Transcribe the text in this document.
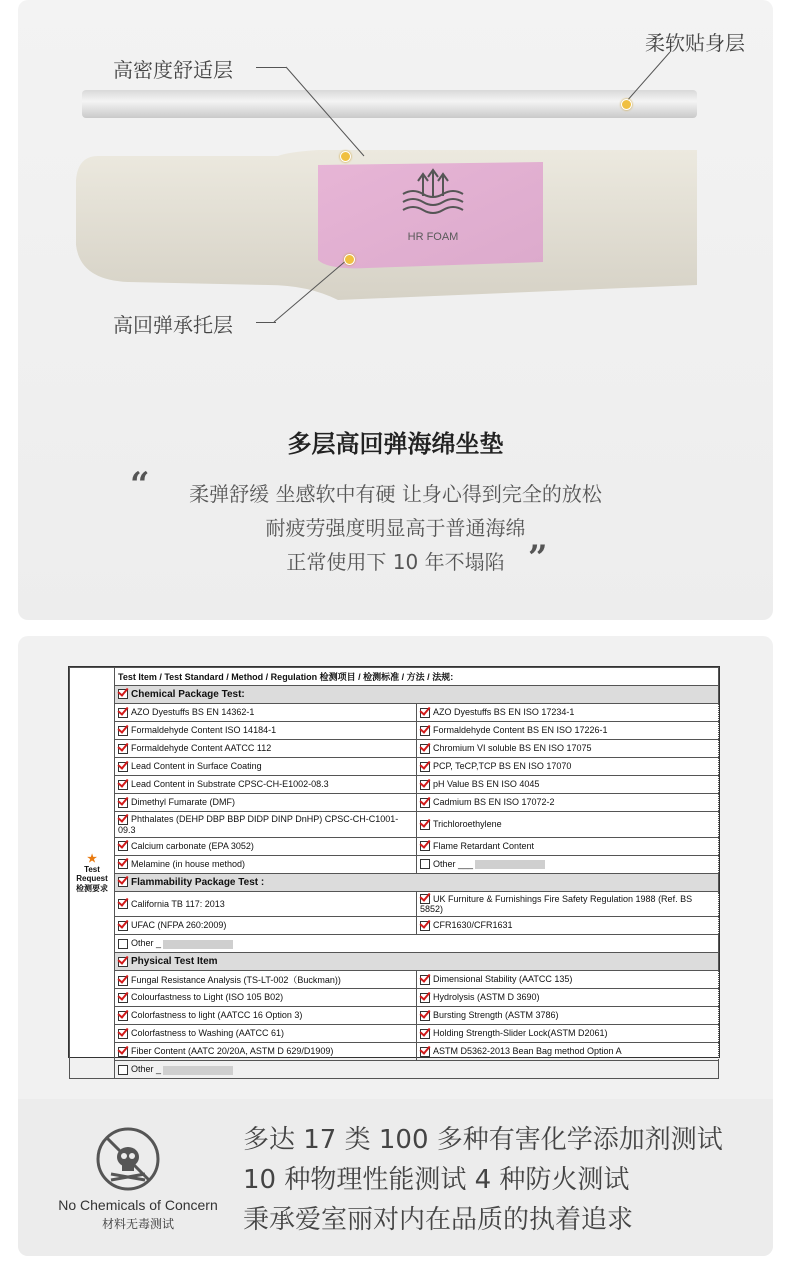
HR FOAM
高密度舒适层
柔软贴身层
高回弹承托层
多层高回弹海绵坐垫
“	柔弹舒缓 坐感软中有硬 让身心得到完全的放松
耐疲劳强度明显高于普通海绵
正常使用下 10 年不塌陷 ”
★
Test Request
检测要求	Test Item / Test Standard / Method / Regulation 检测项目 / 检测标准 / 方法 / 法规:	
	Chemical Package Test:	
	AZO Dyestuffs BS EN 14362-1	AZO Dyestuffs BS EN ISO 17234-1
	Formaldehyde Content ISO 14184-1	Formaldehyde Content BS EN ISO 17226-1
	Formaldehyde Content AATCC 112	Chromium VI soluble BS EN ISO 17075
	Lead Content in Surface Coating	PCP, TeCP,TCP BS EN ISO 17070
	Lead Content in Substrate CPSC-CH-E1002-08.3	pH Value BS EN ISO 4045
	Dimethyl Fumarate (DMF)	Cadmium BS EN ISO 17072-2
	Phthalates (DEHP DBP BBP DIDP DINP DnHP) CPSC-CH-C1001-09.3	Trichloroethylene
	Calcium carbonate (EPA 3052)	Flame Retardant Content
	Melamine (in house method)	Other ___
	Flammability Package Test :	
	California TB 117: 2013	UK Furniture & Furnishings Fire Safety Regulation 1988 (Ref. BS 5852)
	UFAC (NFPA 260:2009)	CFR1630/CFR1631
	Other _	
	Physical Test Item	
	Fungal Resistance Analysis (TS-LT-002（Buckman))	Dimensional Stability (AATCC 135)
	Colourfastness to Light (ISO 105 B02)	Hydrolysis (ASTM D 3690)
	Colorfastness to light (AATCC 16 Option 3)	Bursting Strength (ASTM 3786)
	Colorfastness to Washing (AATCC 61)	Holding Strength-Slider Lock(ASTM D2061)
	Fiber Content (AATC 20/20A, ASTM D 629/D1909)	ASTM D5362-2013 Bean Bag method Option A
	Other _	
No Chemicals of Concern
材料无毒测试
多达 17 类 100 多种有害化学添加剂测试
10 种物理性能测试 4 种防火测试
秉承爱室丽对内在品质的执着追求
